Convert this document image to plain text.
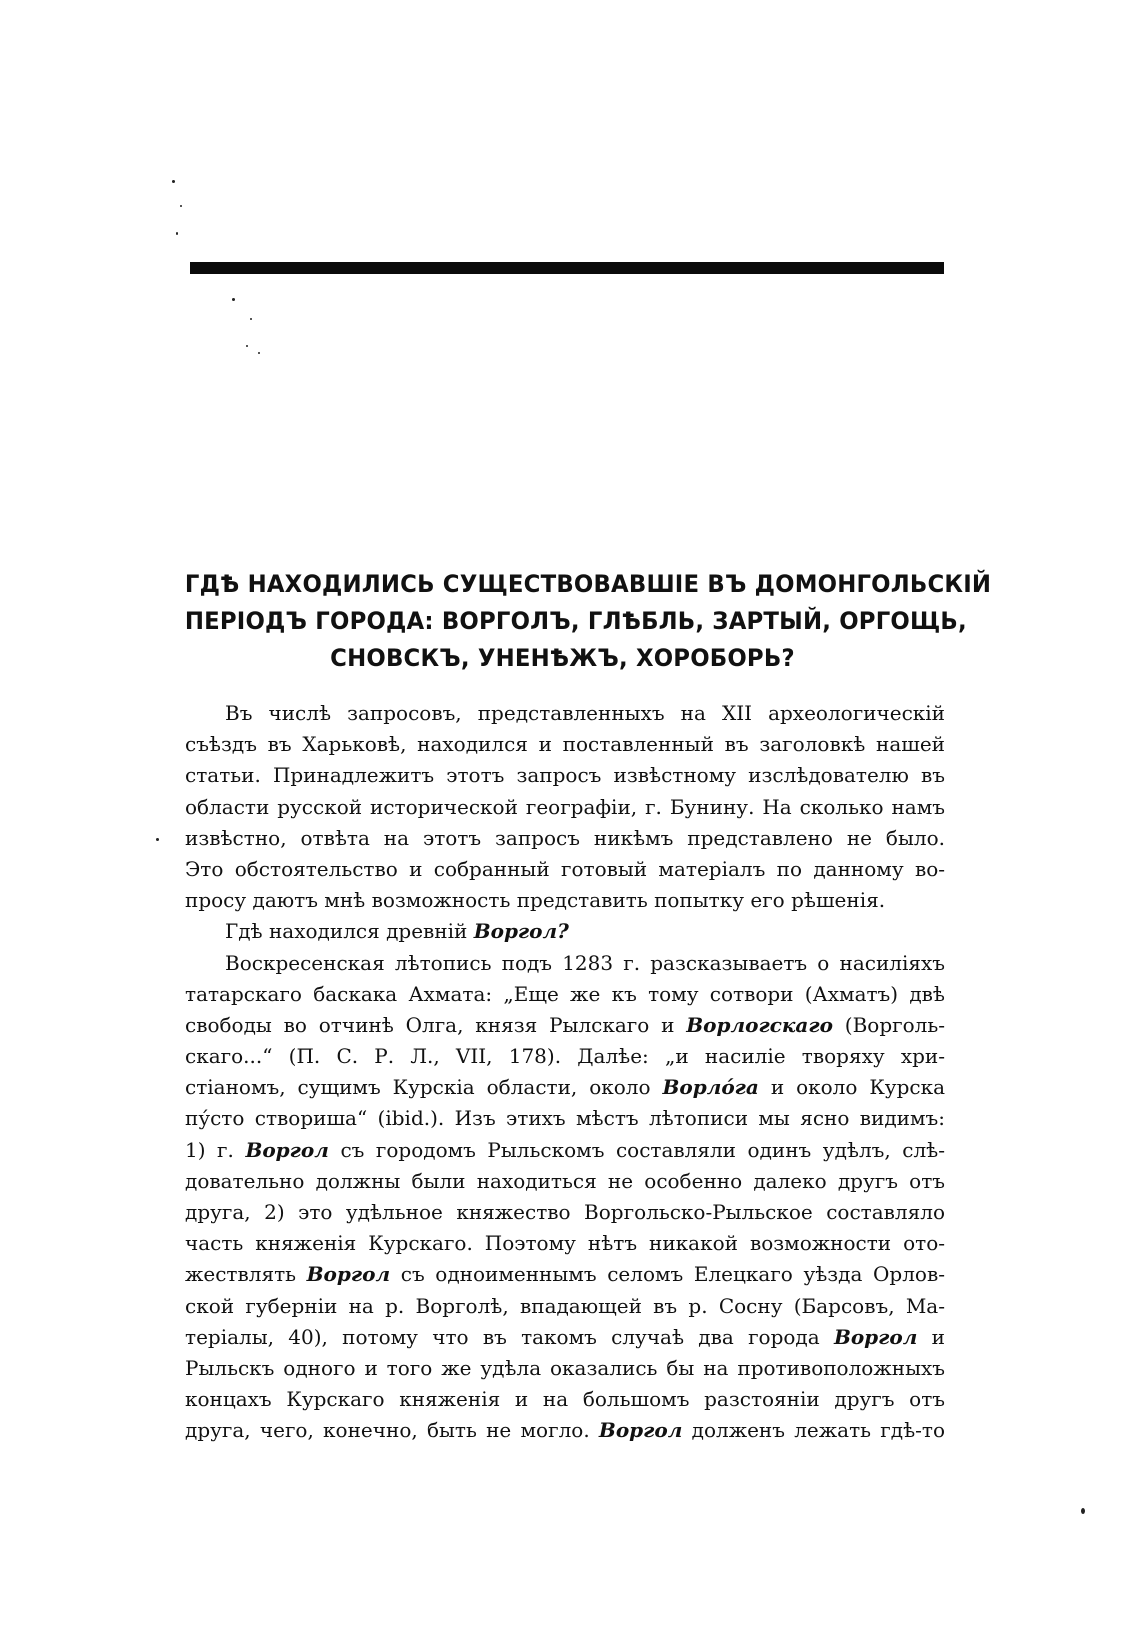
ГДѢ НАХОДИЛИСЬ СУЩЕСТВОВАВШІЕ ВЪ ДОМОНГОЛЬСКІЙ
ПЕРІОДЪ ГОРОДА: ВОРГОЛЪ, ГЛѢБЛЬ, ЗАРТЫЙ, ОРГОЩЬ,
СНОВСКЪ, УНЕНѢЖЪ, ХОРОБОРЬ?
Въ числѣ запросовъ, представленныхъ на XII археологическій
съѣздъ въ Харьковѣ, находился и поставленный въ заголовкѣ нашей
статьи. Принадлежитъ этотъ запросъ извѣстному изслѣдователю въ
области русской исторической географіи, г. Бунину. На сколько намъ
извѣстно, отвѣта на этотъ запросъ никѣмъ представлено не было.
Это обстоятельство и собранный готовый матеріалъ по данному во-
просу даютъ мнѣ возможность представить попытку его рѣшенія.
Гдѣ находился древній Воргол?
Воскресенская лѣтопись подъ 1283 г. разсказываетъ о насиліяхъ
татарскаго баскака Ахмата: „Еще же къ тому сотвори (Ахматъ) двѣ
свободы во отчинѣ Олга, князя Рылскаго и Ворлогскаго (Ворголь-
скаго...“ (П. С. Р. Л., VII, 178). Далѣе: „и насиліе творяху хри-
стіаномъ, сущимъ Курскіа области, около Ворлóга и около Курска
пу́сто створиша“ (ibid.). Изъ этихъ мѣстъ лѣтописи мы ясно видимъ:
1) г. Воргол съ городомъ Рыльскомъ составляли одинъ удѣлъ, слѣ-
довательно должны были находиться не особенно далеко другъ отъ
друга, 2) это удѣльное княжество Воргольско-Рыльское составляло
часть княженія Курскаго. Поэтому нѣтъ никакой возможности ото-
жествлять Воргол съ одноименнымъ селомъ Елецкаго уѣзда Орлов-
ской губерніи на р. Ворголѣ, впадающей въ р. Сосну (Барсовъ, Ма-
теріалы, 40), потому что въ такомъ случаѣ два города Воргол и
Рыльскъ одного и того же удѣла оказались бы на противоположныхъ
концахъ Курскаго княженія и на большомъ разстояніи другъ отъ
друга, чего, конечно, быть не могло. Воргол долженъ лежать гдѣ-то
